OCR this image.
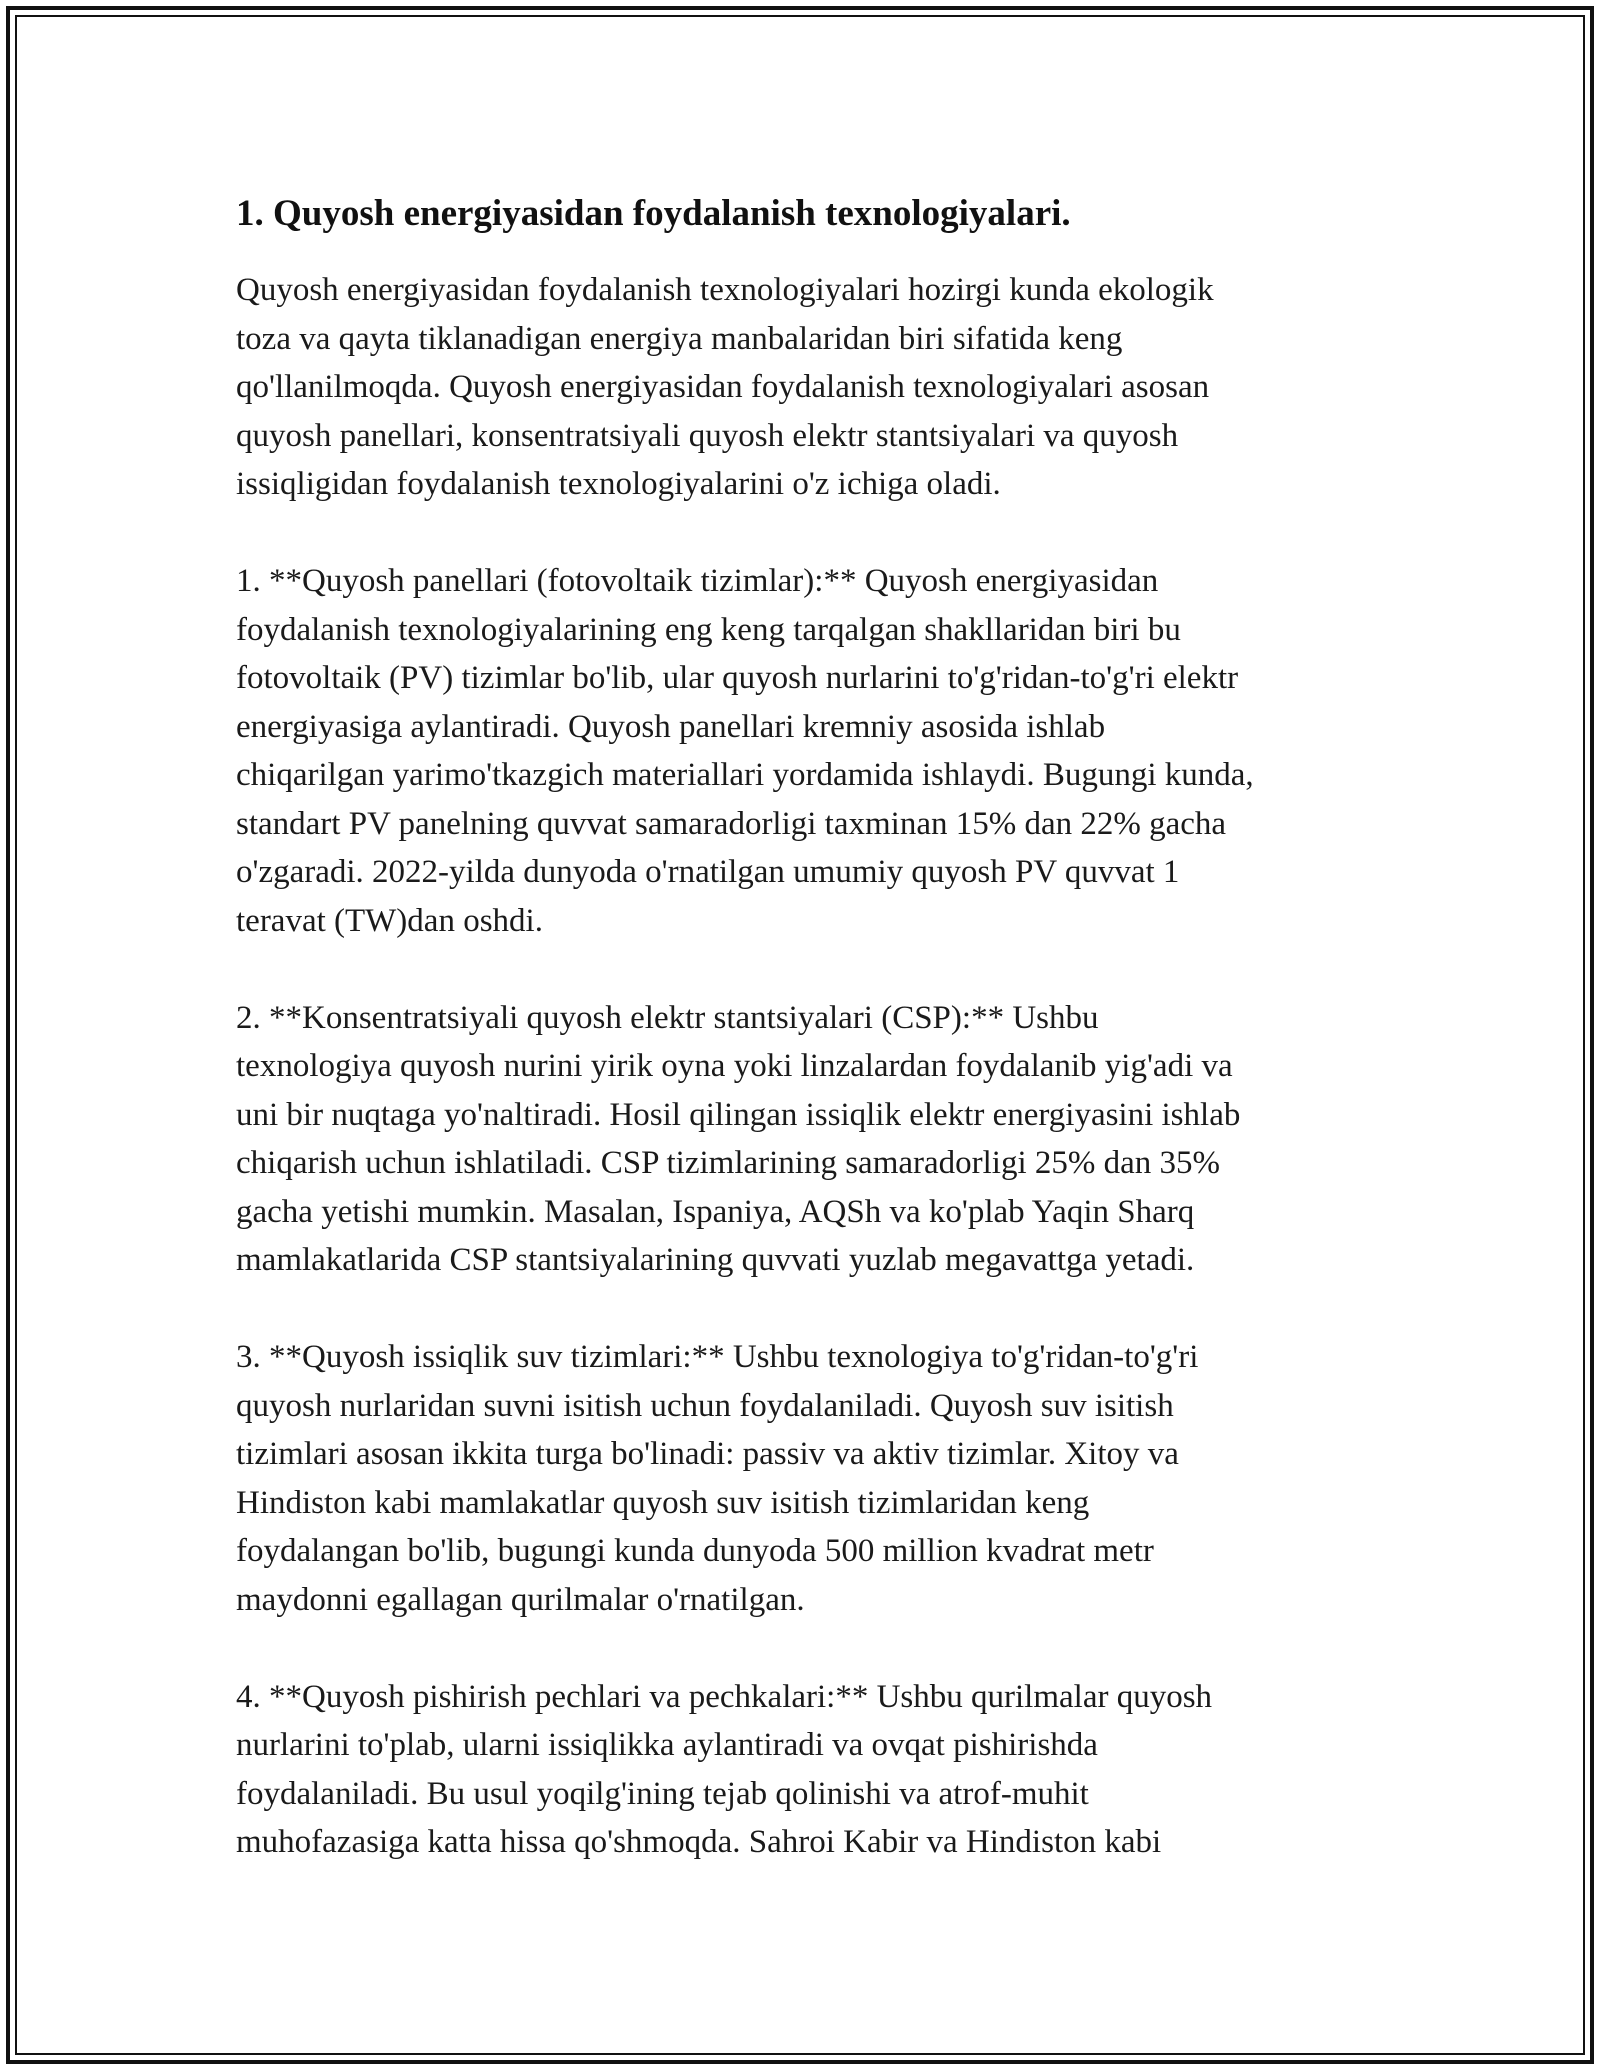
1. Quyosh energiyasidan foydalanish texnologiyalari.

Quyosh energiyasidan foydalanish texnologiyalari hozirgi kunda ekologik
toza va qayta tiklanadigan energiya manbalaridan biri sifatida keng
qo'llanilmoqda. Quyosh energiyasidan foydalanish texnologiyalari asosan
quyosh panellari, konsentratsiyali quyosh elektr stantsiyalari va quyosh
issiqligidan foydalanish texnologiyalarini o'z ichiga oladi.

1. **Quyosh panellari (fotovoltaik tizimlar):** Quyosh energiyasidan
foydalanish texnologiyalarining eng keng tarqalgan shakllaridan biri bu
fotovoltaik (PV) tizimlar bo'lib, ular quyosh nurlarini to'g'ridan-to'g'ri elektr
energiyasiga aylantiradi. Quyosh panellari kremniy asosida ishlab
chiqarilgan yarimo'tkazgich materiallari yordamida ishlaydi. Bugungi kunda,
standart PV panelning quvvat samaradorligi taxminan 15% dan 22% gacha
o'zgaradi. 2022-yilda dunyoda o'rnatilgan umumiy quyosh PV quvvat 1
teravat (TW)dan oshdi.

2. **Konsentratsiyali quyosh elektr stantsiyalari (CSP):** Ushbu
texnologiya quyosh nurini yirik oyna yoki linzalardan foydalanib yig'adi va
uni bir nuqtaga yo'naltiradi. Hosil qilingan issiqlik elektr energiyasini ishlab
chiqarish uchun ishlatiladi. CSP tizimlarining samaradorligi 25% dan 35%
gacha yetishi mumkin. Masalan, Ispaniya, AQSh va ko'plab Yaqin Sharq
mamlakatlarida CSP stantsiyalarining quvvati yuzlab megavattga yetadi.

3. **Quyosh issiqlik suv tizimlari:** Ushbu texnologiya to'g'ridan-to'g'ri
quyosh nurlaridan suvni isitish uchun foydalaniladi. Quyosh suv isitish
tizimlari asosan ikkita turga bo'linadi: passiv va aktiv tizimlar. Xitoy va
Hindiston kabi mamlakatlar quyosh suv isitish tizimlaridan keng
foydalangan bo'lib, bugungi kunda dunyoda 500 million kvadrat metr
maydonni egallagan qurilmalar o'rnatilgan.

4. **Quyosh pishirish pechlari va pechkalari:** Ushbu qurilmalar quyosh
nurlarini to'plab, ularni issiqlikka aylantiradi va ovqat pishirishda
foydalaniladi. Bu usul yoqilg'ining tejab qolinishi va atrof-muhit
muhofazasiga katta hissa qo'shmoqda. Sahroi Kabir va Hindiston kabi
